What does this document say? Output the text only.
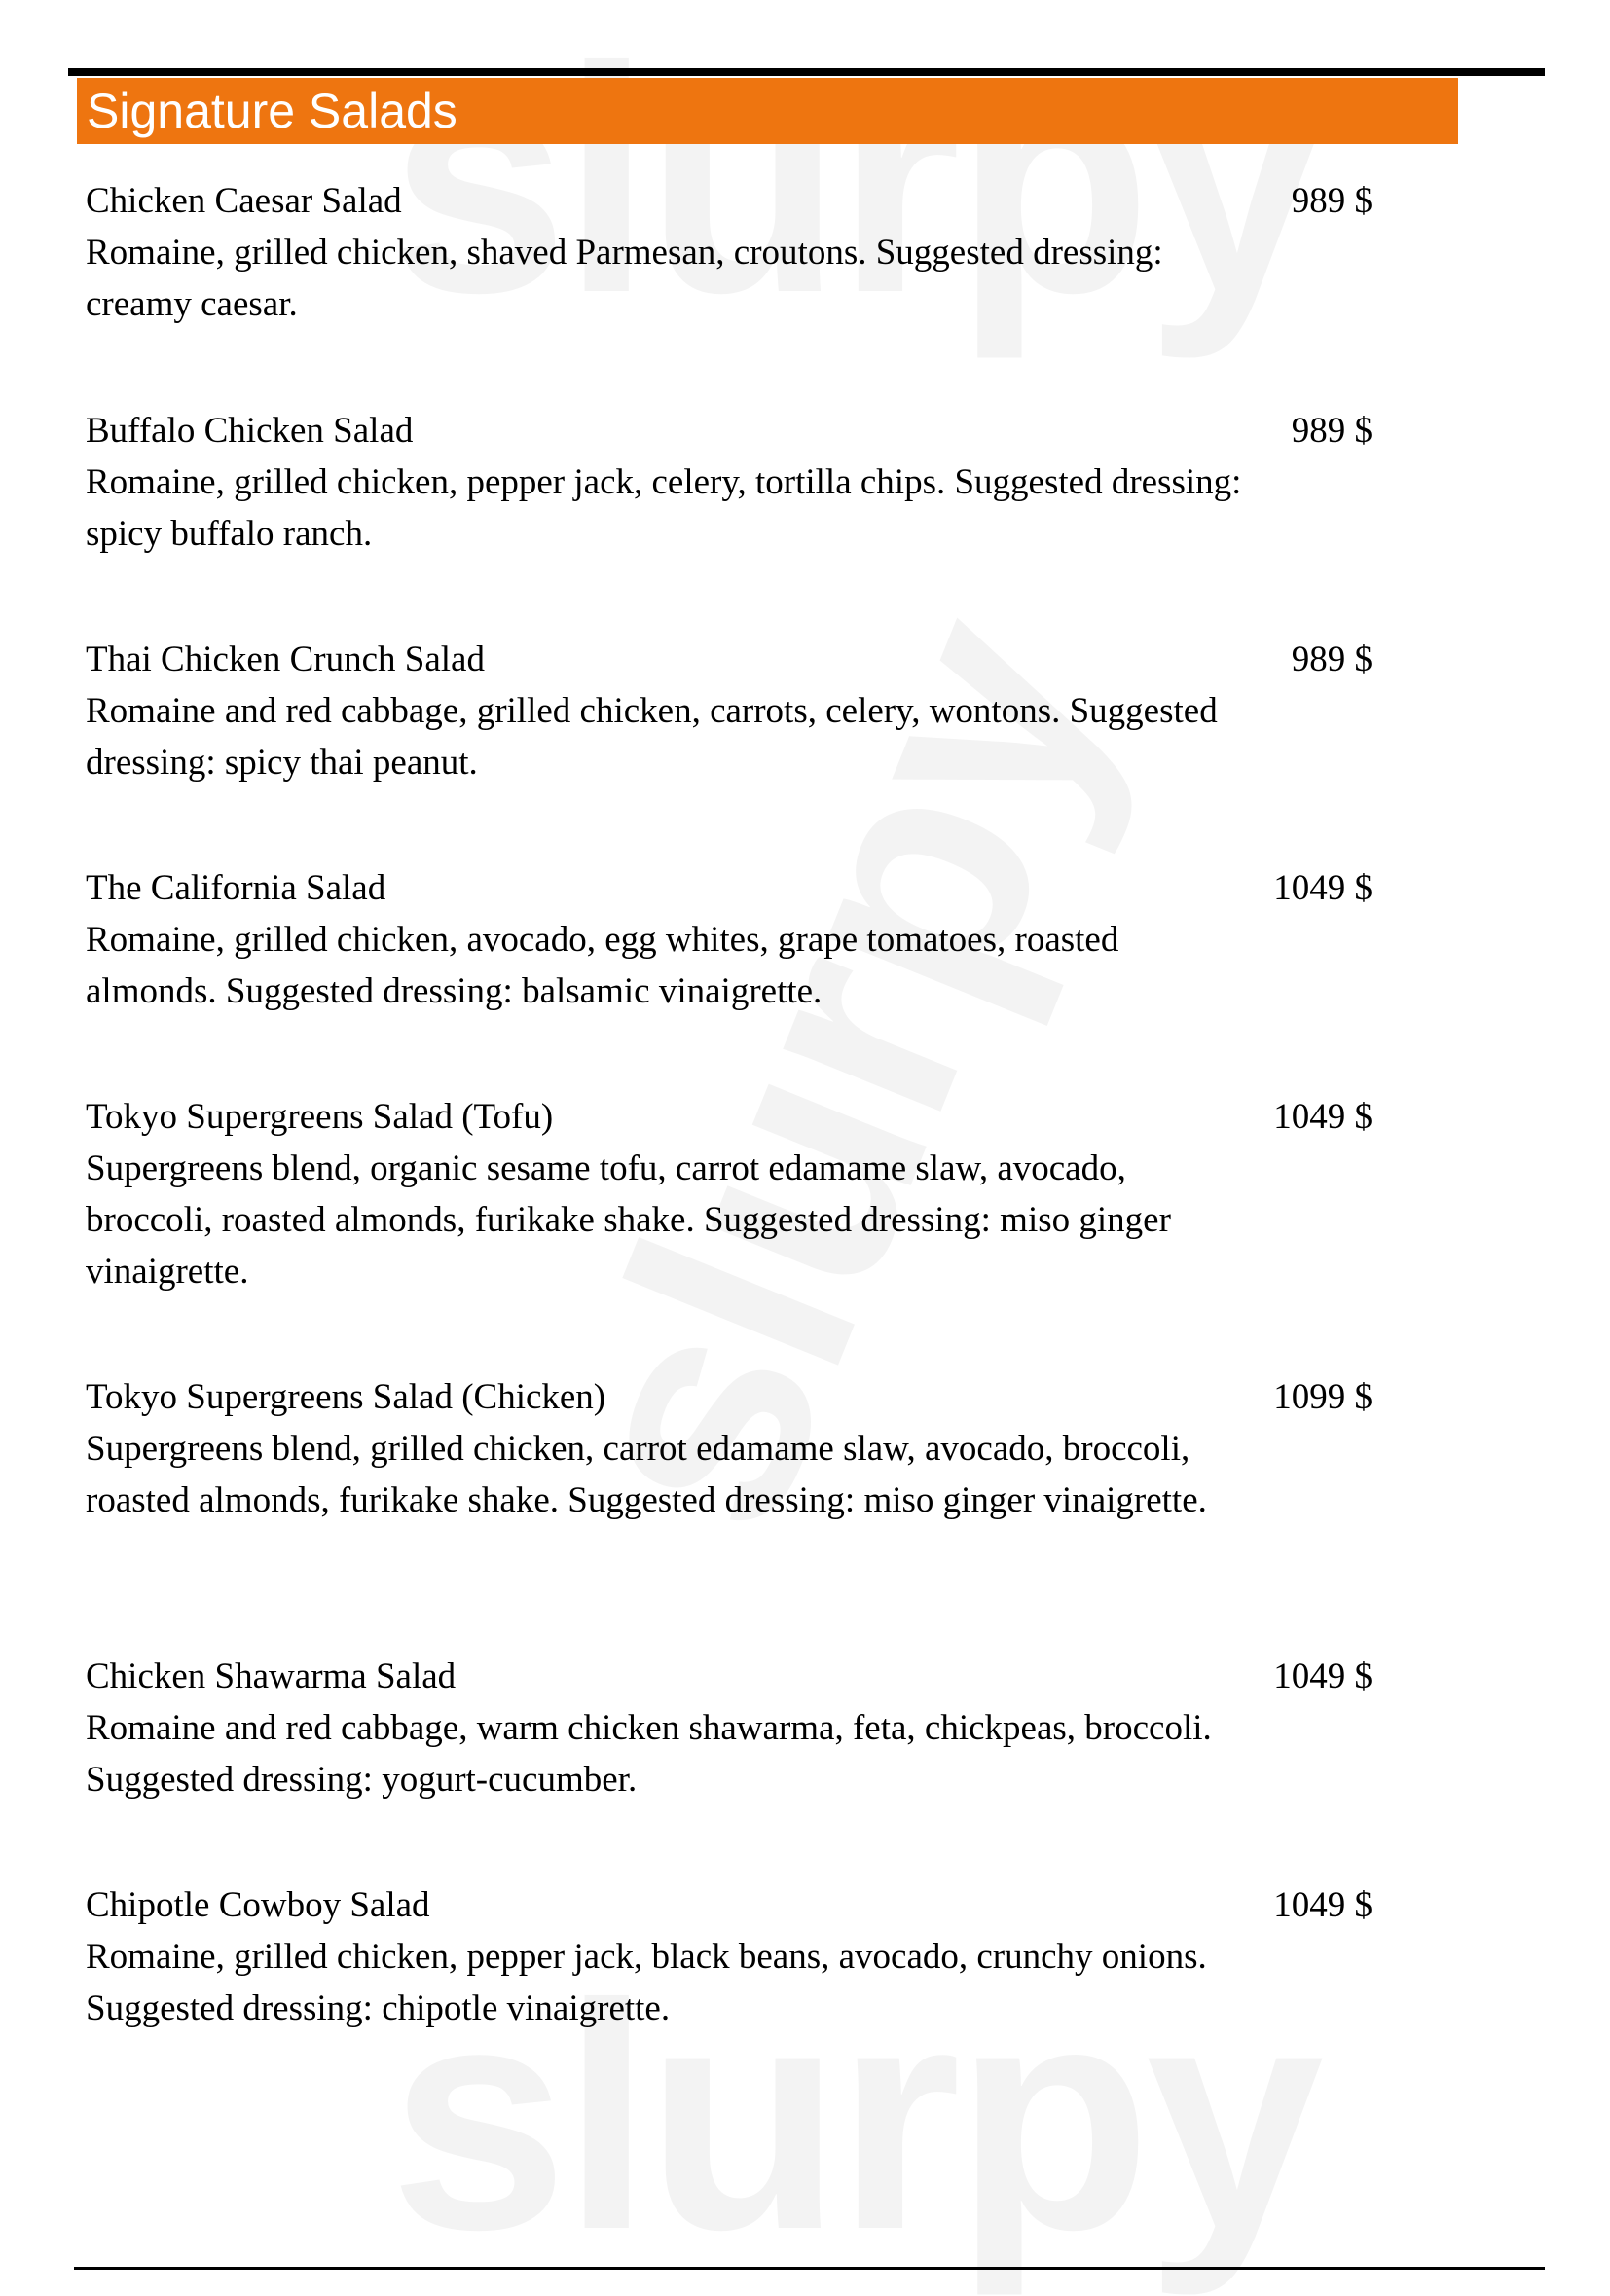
Signature Salads
Chicken Caesar Salad
Romaine, grilled chicken, shaved Parmesan, croutons. Suggested dressing: creamy caesar.
989 $
Buffalo Chicken Salad
Romaine, grilled chicken, pepper jack, celery, tortilla chips. Suggested dressing: spicy buffalo ranch.
989 $
Thai Chicken Crunch Salad
Romaine and red cabbage, grilled chicken, carrots, celery, wontons. Suggested dressing: spicy thai peanut.
989 $
The California Salad
Romaine, grilled chicken, avocado, egg whites, grape tomatoes, roasted almonds. Suggested dressing: balsamic vinaigrette.
1049 $
Tokyo Supergreens Salad (Tofu)
Supergreens blend, organic sesame tofu, carrot edamame slaw, avocado, broccoli, roasted almonds, furikake shake. Suggested dressing: miso ginger vinaigrette.
1049 $
Tokyo Supergreens Salad (Chicken)
Supergreens blend, grilled chicken, carrot edamame slaw, avocado, broccoli, roasted almonds, furikake shake. Suggested dressing: miso ginger vinaigrette.
1099 $
Chicken Shawarma Salad
Romaine and red cabbage, warm chicken shawarma, feta, chickpeas, broccoli. Suggested dressing: yogurt-cucumber.
1049 $
Chipotle Cowboy Salad
Romaine, grilled chicken, pepper jack, black beans, avocado, crunchy onions. Suggested dressing: chipotle vinaigrette.
1049 $
